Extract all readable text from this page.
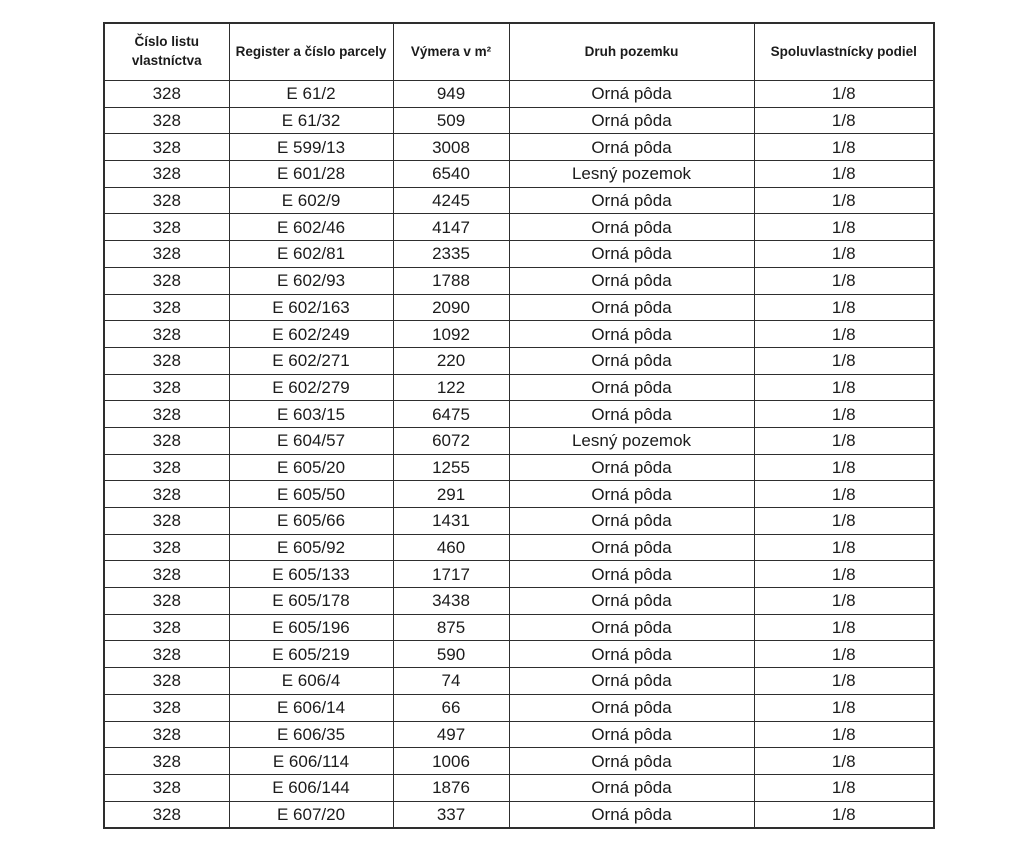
Číslo listu vlastníctva	Register a číslo parcely	Výmera v m²	Druh pozemku	Spoluvlastnícky podiel
328	E 61/2	949	Orná pôda	1/8
328	E 61/32	509	Orná pôda	1/8
328	E 599/13	3008	Orná pôda	1/8
328	E 601/28	6540	Lesný pozemok	1/8
328	E 602/9	4245	Orná pôda	1/8
328	E 602/46	4147	Orná pôda	1/8
328	E 602/81	2335	Orná pôda	1/8
328	E 602/93	1788	Orná pôda	1/8
328	E 602/163	2090	Orná pôda	1/8
328	E 602/249	1092	Orná pôda	1/8
328	E 602/271	220	Orná pôda	1/8
328	E 602/279	122	Orná pôda	1/8
328	E 603/15	6475	Orná pôda	1/8
328	E 604/57	6072	Lesný pozemok	1/8
328	E 605/20	1255	Orná pôda	1/8
328	E 605/50	291	Orná pôda	1/8
328	E 605/66	1431	Orná pôda	1/8
328	E 605/92	460	Orná pôda	1/8
328	E 605/133	1717	Orná pôda	1/8
328	E 605/178	3438	Orná pôda	1/8
328	E 605/196	875	Orná pôda	1/8
328	E 605/219	590	Orná pôda	1/8
328	E 606/4	74	Orná pôda	1/8
328	E 606/14	66	Orná pôda	1/8
328	E 606/35	497	Orná pôda	1/8
328	E 606/114	1006	Orná pôda	1/8
328	E 606/144	1876	Orná pôda	1/8
328	E 607/20	337	Orná pôda	1/8
